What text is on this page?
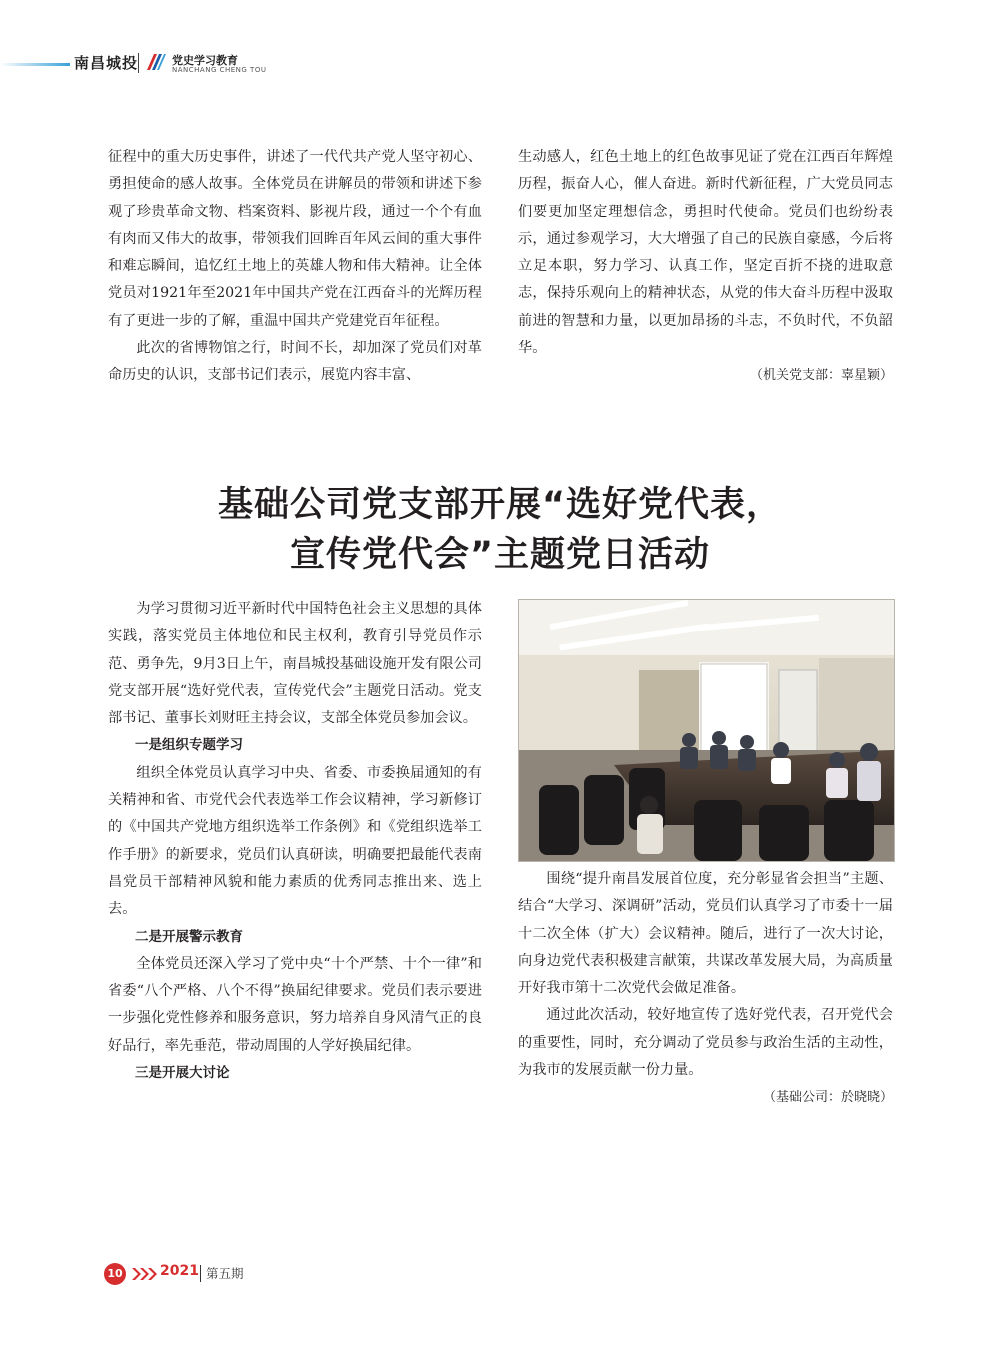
南昌城投	党史学习教育
NANCHANG CHENG TOU

征程中的重大历史事件，讲述了一代代共产党人坚守初心、勇担使命的感人故事。全体党员在讲解员的带领和讲述下参观了珍贵革命文物、档案资料、影视片段，通过一个个有血有肉而又伟大的故事，带领我们回眸百年风云间的重大事件和难忘瞬间，追忆红土地上的英雄人物和伟大精神。让全体党员对1921年至2021年中国共产党在江西奋斗的光辉历程有了更进一步的了解，重温中国共产党建党百年征程。

此次的省博物馆之行，时间不长，却加深了党员们对革命历史的认识，支部书记们表示，展览内容丰富、

生动感人，红色土地上的红色故事见证了党在江西百年辉煌历程，振奋人心，催人奋进。新时代新征程，广大党员同志们要更加坚定理想信念，勇担时代使命。党员们也纷纷表示，通过参观学习，大大增强了自己的民族自豪感，今后将立足本职，努力学习、认真工作，坚定百折不挠的进取意志，保持乐观向上的精神状态，从党的伟大奋斗历程中汲取前进的智慧和力量，以更加昂扬的斗志，不负时代，不负韶华。

（机关党支部：辜星颖）

基础公司党支部开展“选好党代表，
宣传党代会”主题党日活动

为学习贯彻习近平新时代中国特色社会主义思想的具体实践，落实党员主体地位和民主权利，教育引导党员作示范、勇争先，9月3日上午，南昌城投基础设施开发有限公司党支部开展“选好党代表，宣传党代会”主题党日活动。党支部书记、董事长刘财旺主持会议，支部全体党员参加会议。

一是组织专题学习

组织全体党员认真学习中央、省委、市委换届通知的有关精神和省、市党代会代表选举工作会议精神，学习新修订的《中国共产党地方组织选举工作条例》和《党组织选举工作手册》的新要求，党员们认真研读，明确要把最能代表南昌党员干部精神风貌和能力素质的优秀同志推出来、选上去。

二是开展警示教育

全体党员还深入学习了党中央“十个严禁、十个一律”和省委“八个严格、八个不得”换届纪律要求。党员们表示要进一步强化党性修养和服务意识，努力培养自身风清气正的良好品行，率先垂范，带动周围的人学好换届纪律。

三是开展大讨论

围绕“提升南昌发展首位度，充分彰显省会担当”主题、结合“大学习、深调研”活动，党员们认真学习了市委十一届十二次全体（扩大）会议精神。随后，进行了一次大讨论，向身边党代表积极建言献策，共谋改革发展大局，为高质量开好我市第十二次党代会做足准备。

通过此次活动，较好地宣传了选好党代表，召开党代会的重要性，同时，充分调动了党员参与政治生活的主动性，为我市的发展贡献一份力量。

（基础公司：於晓晓）

10	2021 第五期
